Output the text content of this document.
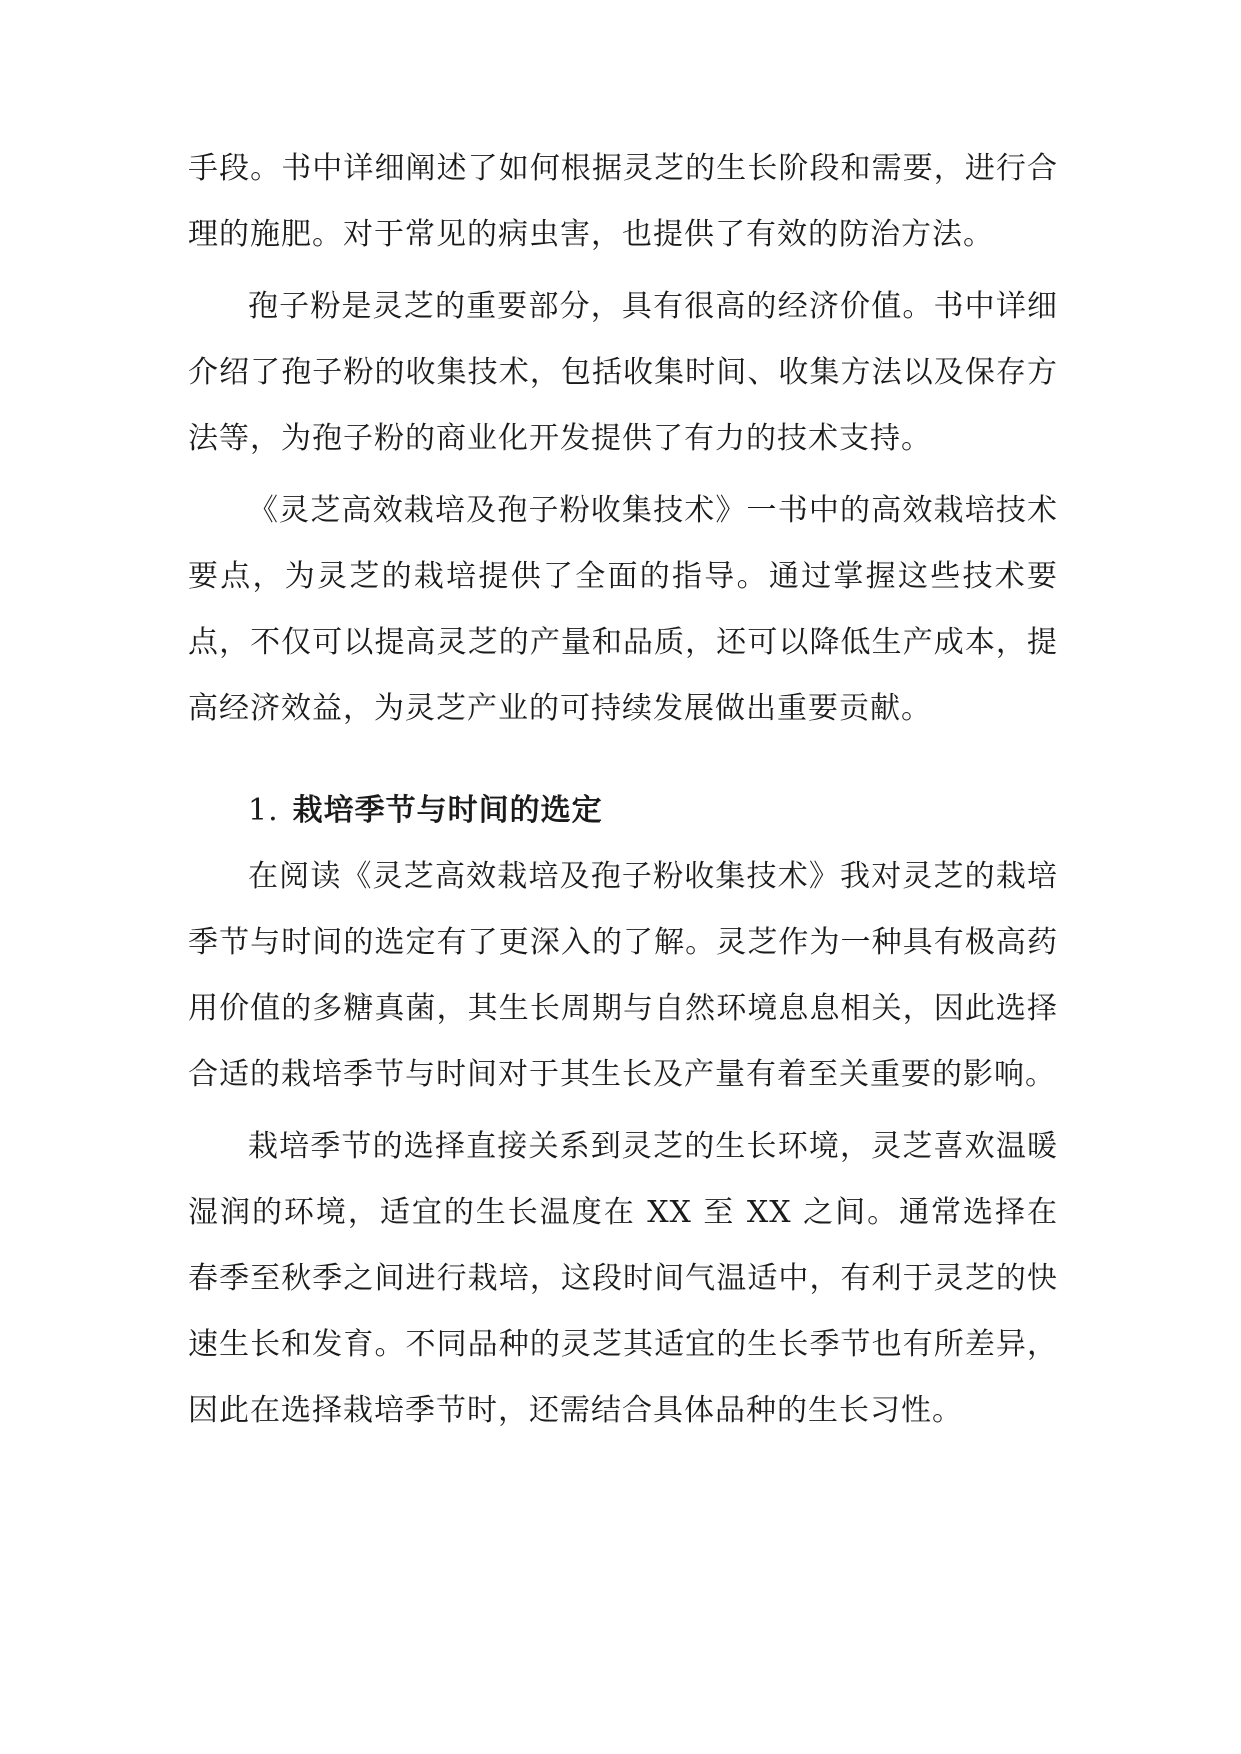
手段。书中详细阐述了如何根据灵芝的生长阶段和需要，进行合理的施肥。对于常见的病虫害，也提供了有效的防治方法。

孢子粉是灵芝的重要部分，具有很高的经济价值。书中详细介绍了孢子粉的收集技术，包括收集时间、收集方法以及保存方法等，为孢子粉的商业化开发提供了有力的技术支持。

《灵芝高效栽培及孢子粉收集技术》一书中的高效栽培技术要点，为灵芝的栽培提供了全面的指导。通过掌握这些技术要点，不仅可以提高灵芝的产量和品质，还可以降低生产成本，提高经济效益，为灵芝产业的可持续发展做出重要贡献。

1. 栽培季节与时间的选定

在阅读《灵芝高效栽培及孢子粉收集技术》我对灵芝的栽培季节与时间的选定有了更深入的了解。灵芝作为一种具有极高药用价值的多糖真菌，其生长周期与自然环境息息相关，因此选择合适的栽培季节与时间对于其生长及产量有着至关重要的影响。

栽培季节的选择直接关系到灵芝的生长环境，灵芝喜欢温暖湿润的环境，适宜的生长温度在 XX 至 XX 之间。通常选择在春季至秋季之间进行栽培，这段时间气温适中，有利于灵芝的快速生长和发育。不同品种的灵芝其适宜的生长季节也有所差异，因此在选择栽培季节时，还需结合具体品种的生长习性。
